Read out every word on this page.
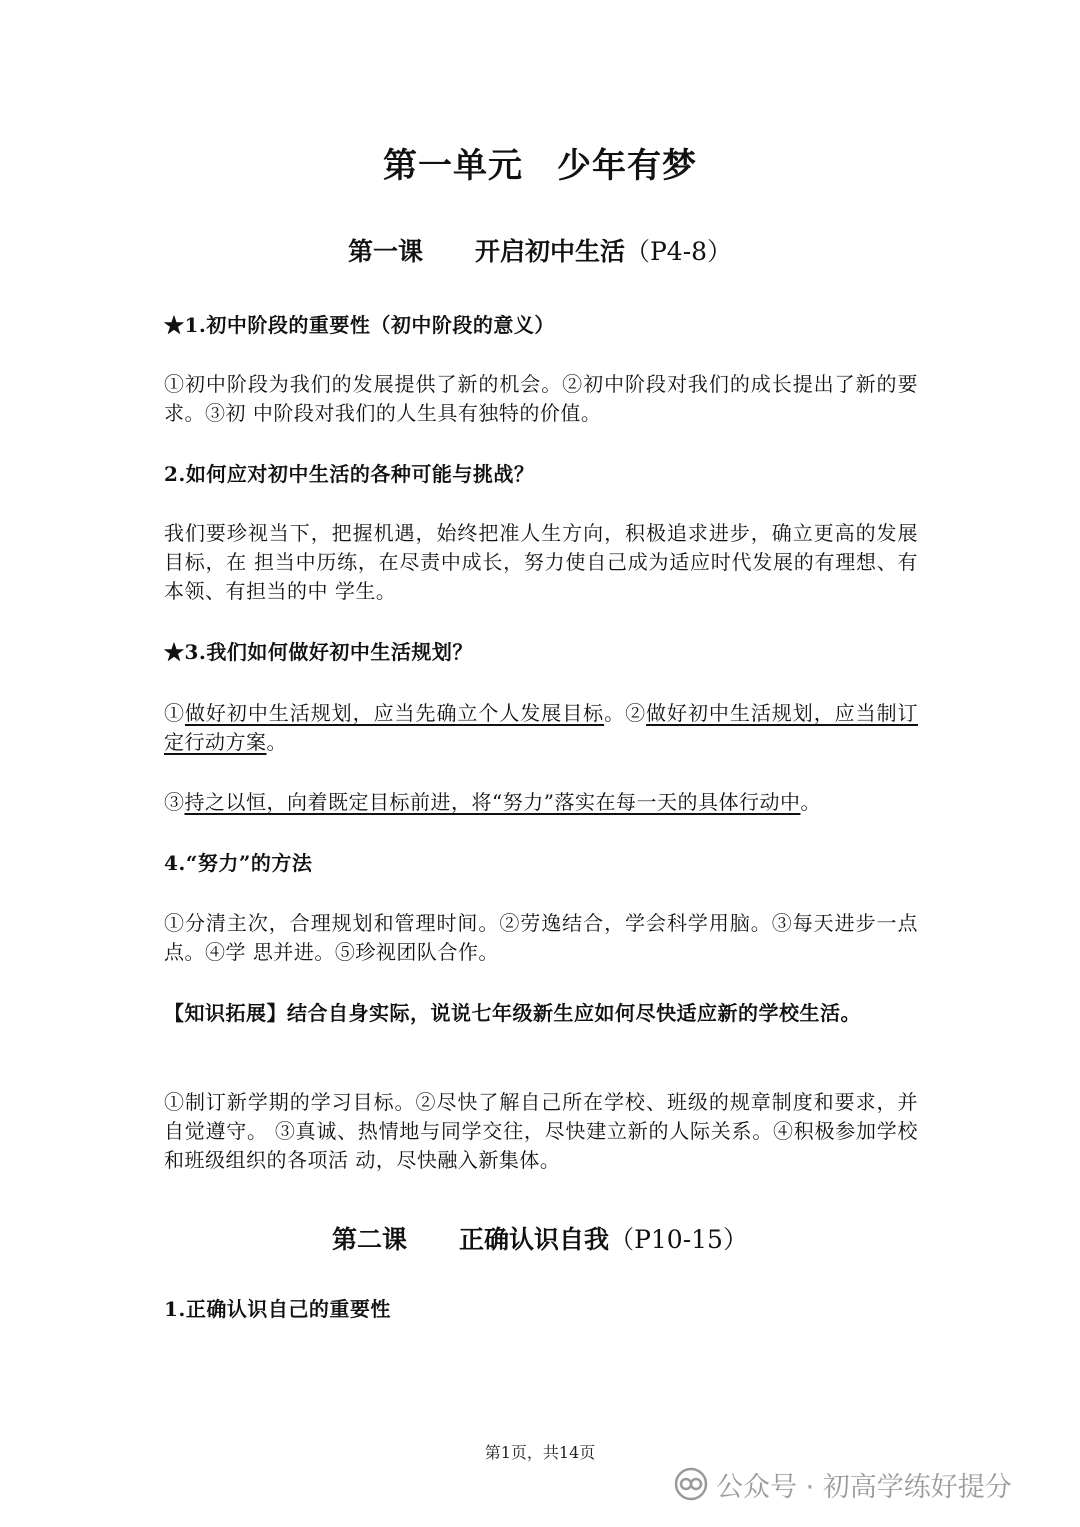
第一单元 少年有梦
第一课 开启初中生活（P4-8）
★1.初中阶段的重要性（初中阶段的意义）
①初中阶段为我们的发展提供了新的机会。②初中阶段对我们的成长提出了新的要求。③初 中阶段对我们的人生具有独特的价值。
2.如何应对初中生活的各种可能与挑战？
我们要珍视当下，把握机遇，始终把准人生方向，积极追求进步，确立更高的发展目标，在 担当中历练，在尽责中成长，努力使自己成为适应时代发展的有理想、有本领、有担当的中 学生。
★3.我们如何做好初中生活规划？
①做好初中生活规划，应当先确立个人发展目标。②做好初中生活规划，应当制订定行动方案。
③持之以恒，向着既定目标前进，将“努力”落实在每一天的具体行动中。
4.“努力”的方法
①分清主次，合理规划和管理时间。②劳逸结合，学会科学用脑。③每天进步一点点。④学 思并进。⑤珍视团队合作。
【知识拓展】结合自身实际，说说七年级新生应如何尽快适应新的学校生活。
①制订新学期的学习目标。②尽快了解自己所在学校、班级的规章制度和要求，并自觉遵守。 ③真诚、热情地与同学交往，尽快建立新的人际关系。④积极参加学校和班级组织的各项活 动，尽快融入新集体。
第二课 正确认识自我（P10-15）
1.正确认识自己的重要性
第1页，共14页
公众号 · 初高学练好提分
